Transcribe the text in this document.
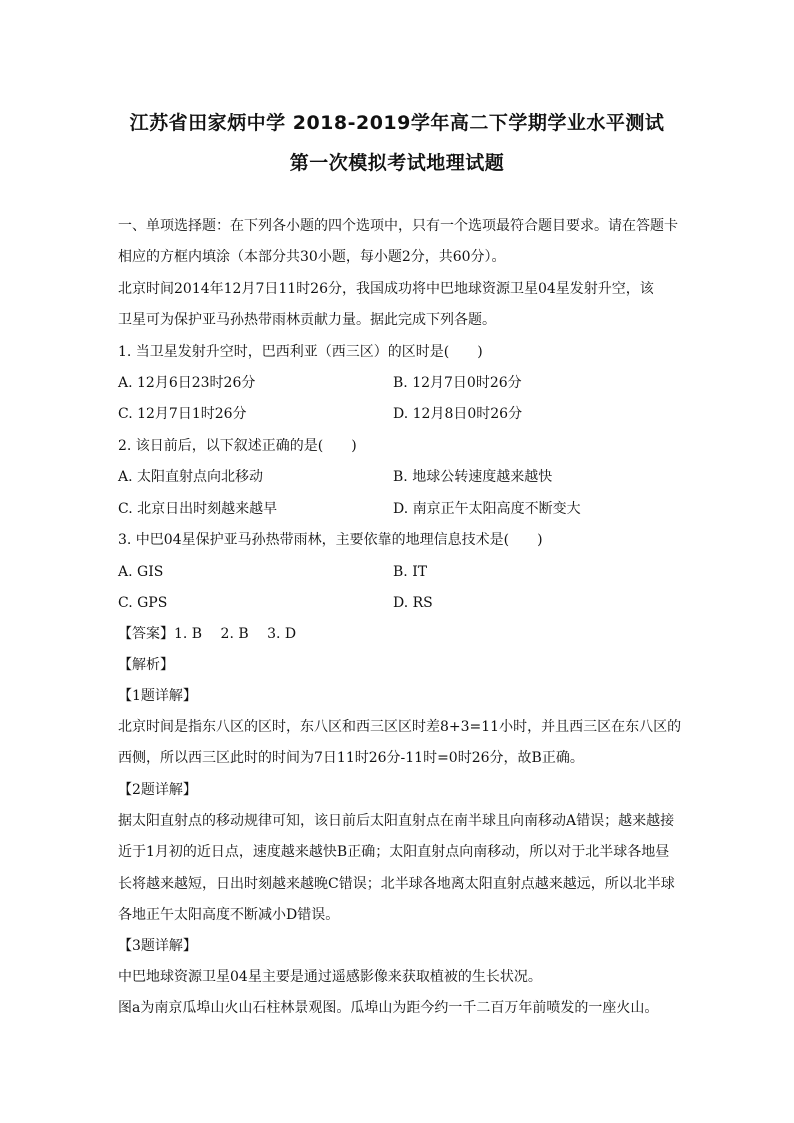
江苏省田家炳中学 2018-2019学年高二下学期学业水平测试
第一次模拟考试地理试题
一、单项选择题：在下列各小题的四个选项中，只有一个选项最符合题目要求。请在答题卡
相应的方框内填涂（本部分共30小题，每小题2分，共60分）。
北京时间2014年12月7日11时26分，我国成功将中巴地球资源卫星04星发射升空，该
卫星可为保护亚马孙热带雨林贡献力量。据此完成下列各题。
1. 当卫星发射升空时，巴西利亚（西三区）的区时是(　　)
A. 12月6日23时26分	B. 12月7日0时26分
C. 12月7日1时26分	D. 12月8日0时26分
2. 该日前后，以下叙述正确的是(　　)
A. 太阳直射点向北移动	B. 地球公转速度越来越快
C. 北京日出时刻越来越早	D. 南京正午太阳高度不断变大
3. 中巴04星保护亚马孙热带雨林，主要依靠的地理信息技术是(　　)
A. GIS	B. IT
C. GPS	D. RS
【答案】1. B　 2. B　 3. D
【解析】
【1题详解】
北京时间是指东八区的区时，东八区和西三区区时差8+3=11小时，并且西三区在东八区的
西侧，所以西三区此时的时间为7日11时26分-11时=0时26分，故B正确。
【2题详解】
据太阳直射点的移动规律可知，该日前后太阳直射点在南半球且向南移动A错误；越来越接
近于1月初的近日点，速度越来越快B正确；太阳直射点向南移动，所以对于北半球各地昼
长将越来越短，日出时刻越来越晚C错误；北半球各地离太阳直射点越来越远，所以北半球
各地正午太阳高度不断减小D错误。
【3题详解】
中巴地球资源卫星04星主要是通过遥感影像来获取植被的生长状况。
图a为南京瓜埠山火山石柱林景观图。瓜埠山为距今约一千二百万年前喷发的一座火山。
